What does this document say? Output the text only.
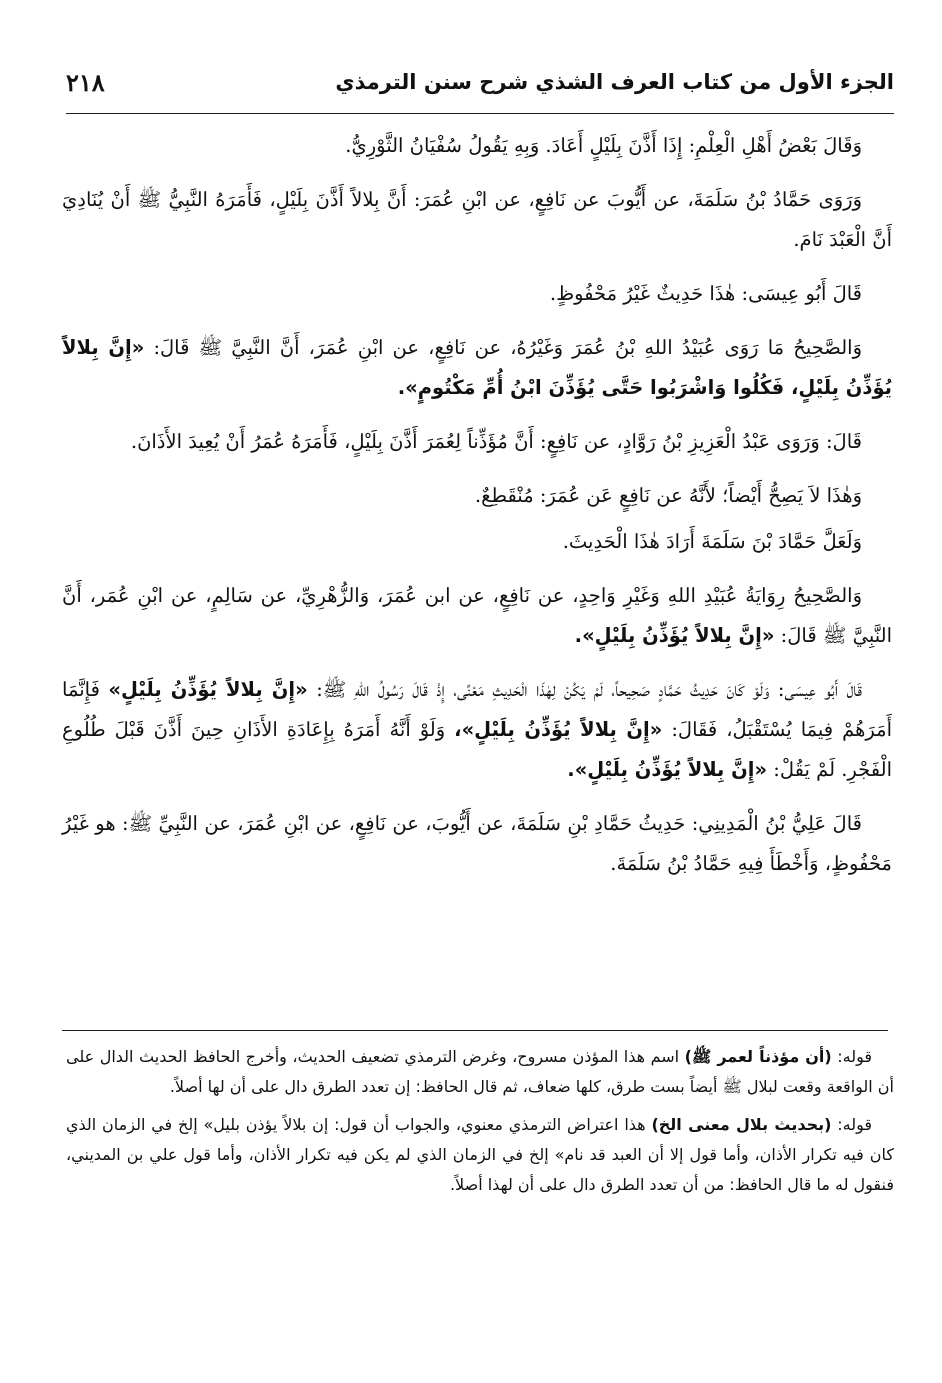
الجزء الأول من كتاب العرف الشذي شرح سنن الترمذي
٢١٨

وَقَالَ بَعْضُ أَهْلِ الْعِلْمِ: إِذَا أَذَّنَ بِلَيْلٍ أَعَادَ. وَبِهِ يَقُولُ سُفْيَانُ الثَّوْرِيُّ.

وَرَوَى حَمَّادُ بْنُ سَلَمَةَ، عن أَيُّوبَ عن نَافِعٍ، عن ابْنِ عُمَرَ: أَنَّ بِلالاً أَذَّنَ بِلَيْلٍ، فَأَمَرَهُ النَّبِيُّ ﷺ أَنْ يُنَادِيَ أَنَّ الْعَبْدَ نَامَ.

قَالَ أَبُو عِيسَى: هٰذَا حَدِيثٌ غَيْرُ مَحْفُوظٍ.

وَالصَّحِيحُ مَا رَوَى عُبَيْدُ اللهِ بْنُ عُمَرَ وَغَيْرُهُ، عن نَافِعٍ، عن ابْنِ عُمَرَ، أَنَّ النَّبِيَّ ﷺ قَالَ: «إِنَّ بِلالاً يُؤَذِّنُ بِلَيْلٍ، فَكُلُوا وَاشْرَبُوا حَتَّى يُؤَذِّنَ ابْنُ أُمِّ مَكْتُومٍ».

قَالَ: وَرَوَى عَبْدُ الْعَزِيزِ بْنُ رَوَّادٍ، عن نَافِعٍ: أَنَّ مُؤَذِّناً لِعُمَرَ أَذَّنَ بِلَيْلٍ، فَأَمَرَهُ عُمَرُ أَنْ يُعِيدَ الأَذَانَ.

وَهٰذَا لاَ يَصِحُّ أَيْضاً؛ لأَنَّهُ عن نَافِعٍ عَن عُمَرَ: مُنْقَطِعٌ.

وَلَعَلَّ حَمَّادَ بْنَ سَلَمَةَ أَرَادَ هٰذَا الْحَدِيثَ.

وَالصَّحِيحُ رِوَايَةُ عُبَيْدِ اللهِ وَغَيْرِ وَاحِدٍ، عن نَافِعٍ، عن ابن عُمَرَ، وَالزُّهْرِيِّ، عن سَالِمٍ، عن ابْنِ عُمَر، أَنَّ النَّبِيَّ ﷺ قَالَ: «إِنَّ بِلالاً يُؤَذِّنُ بِلَيْلٍ».

قَالَ أَبُو عِيسَى: وَلَوْ كَانَ حَدِيثُ حَمَّادٍ صَحِيحاً، لَمْ يَكُنْ لِهٰذَا الْحَدِيثِ مَعْنًى، إِذْ قَالَ رَسُولُ اللهِ ﷺ: «إِنَّ بِلالاً يُؤَذِّنُ بِلَيْلٍ» فَإِنَّمَا أَمَرَهُمْ فِيمَا يُسْتَقْبَلُ، فَقَالَ: «إِنَّ بِلالاً يُؤَذِّنُ بِلَيْلٍ»، وَلَوْ أَنَّهُ أَمَرَهُ بِإِعَادَةِ الأَذَانِ حِينَ أَذَّنَ قَبْلَ طُلُوعِ الْفَجْرِ. لَمْ يَقُلْ: «إِنَّ بِلالاً يُؤَذِّنُ بِلَيْلٍ».

قَالَ عَلِيُّ بْنُ الْمَدِينِي: حَدِيثُ حَمَّادِ بْنِ سَلَمَةَ، عن أَيُّوبَ، عن نَافِعٍ، عن ابْنِ عُمَرَ، عن النَّبِيِّ ﷺ: هو غَيْرُ مَحْفُوظٍ، وَأَخْطَأَ فِيهِ حَمَّادُ بْنُ سَلَمَةَ.

قوله: (أن مؤذناً لعمر ﷺ) اسم هذا المؤذن مسروح، وغرض الترمذي تضعيف الحديث، وأخرج الحافظ الحديث الدال على أن الواقعة وقعت لبلال ﷺ أيضاً بست طرق، كلها ضعاف، ثم قال الحافظ: إن تعدد الطرق دال على أن لها أصلاً.

قوله: (بحديث بلال معنى الخ) هذا اعتراض الترمذي معنوي، والجواب أن قول: إن بلالاً يؤذن بليل» إلخ في الزمان الذي كان فيه تكرار الأذان، وأما قول إلا أن العبد قد نام» إلخ في الزمان الذي لم يكن فيه تكرار الأذان، وأما قول علي بن المديني، فنقول له ما قال الحافظ: من أن تعدد الطرق دال على أن لهذا أصلاً.
